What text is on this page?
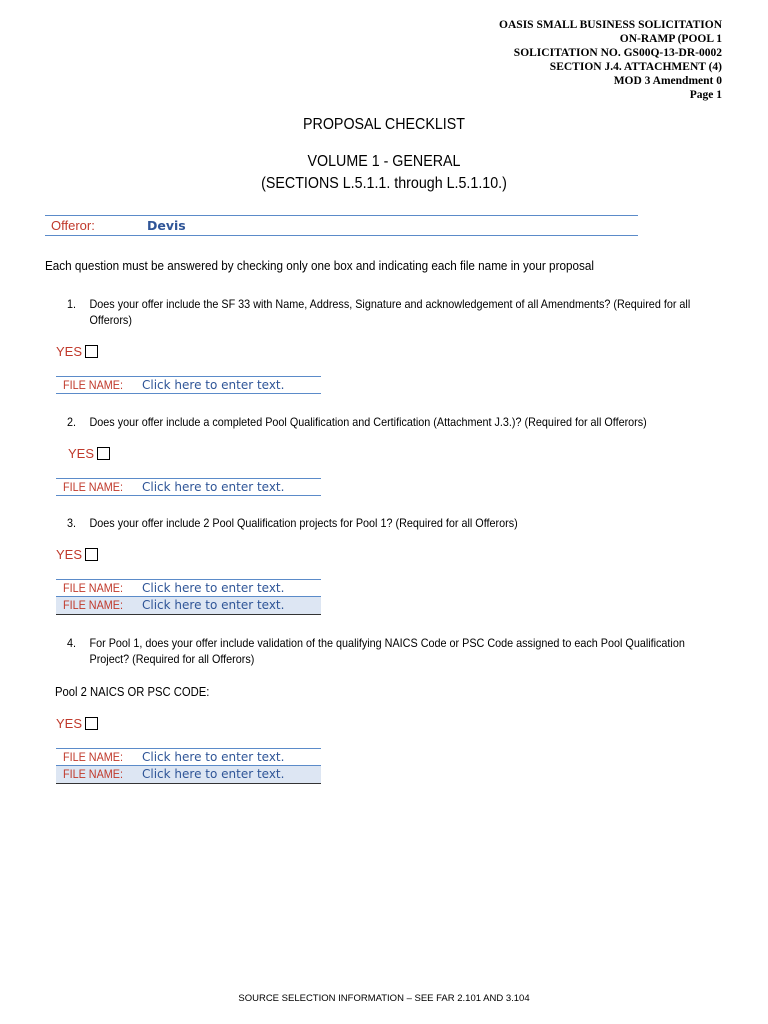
OASIS SMALL BUSINESS SOLICITATION
ON-RAMP (POOL 1
SOLICITATION NO. GS00Q-13-DR-0002
SECTION J.4. ATTACHMENT (4)
MOD 3 Amendment 0
Page 1
PROPOSAL CHECKLIST
VOLUME 1 - GENERAL
(SECTIONS L.5.1.1. through L.5.1.10.)
Offeror:	Devis
Each question must be answered by checking only one box and indicating each file name in your proposal
1. Does your offer include the SF 33 with Name, Address, Signature and acknowledgement of all Amendments? (Required for all Offerors)
YES
FILE NAME: Click here to enter text.
2. Does your offer include a completed Pool Qualification and Certification (Attachment J.3.)? (Required for all Offerors)
YES
FILE NAME: Click here to enter text.
3. Does your offer include 2 Pool Qualification projects for Pool 1? (Required for all Offerors)
YES
FILE NAME: Click here to enter text.
FILE NAME: Click here to enter text.
4. For Pool 1, does your offer include validation of the qualifying NAICS Code or PSC Code assigned to each Pool Qualification Project? (Required for all Offerors)
Pool 2 NAICS OR PSC CODE:
YES
FILE NAME: Click here to enter text.
FILE NAME: Click here to enter text.
SOURCE SELECTION INFORMATION – SEE FAR 2.101 AND 3.104
